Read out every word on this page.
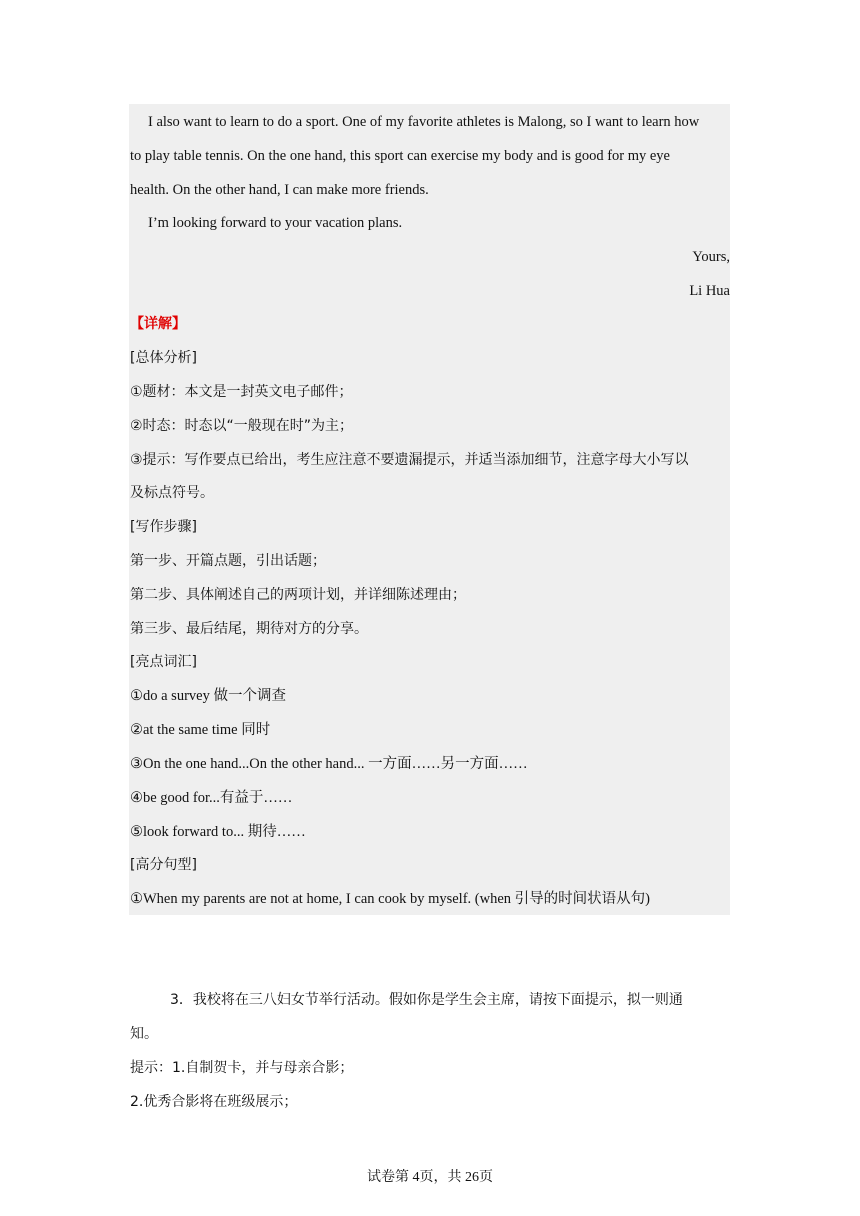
I also want to learn to do a sport. One of my favorite athletes is Malong, so I want to learn how
to play table tennis. On the one hand, this sport can exercise my body and is good for my eye
health. On the other hand, I can make more friends.
I’m looking forward to your vacation plans.
Yours,
Li Hua
【详解】
[总体分析]
①题材：本文是一封英文电子邮件；
②时态：时态以“一般现在时”为主；
③提示：写作要点已给出，考生应注意不要遗漏提示，并适当添加细节，注意字母大小写以
及标点符号。
[写作步骤]
第一步、开篇点题，引出话题；
第二步、具体阐述自己的两项计划，并详细陈述理由；
第三步、最后结尾，期待对方的分享。
[亮点词汇]
①do a survey 做一个调查
②at the same time 同时
③On the one hand...On the other hand... 一方面……另一方面……
④be good for...有益于……
⑤look forward to... 期待……
[高分句型]
①When my parents are not at home, I can cook by myself. (when 引导的时间状语从句)
3．我校将在三八妇女节举行活动。假如你是学生会主席，请按下面提示，拟一则通
知。
提示：1.自制贺卡，并与母亲合影；
2.优秀合影将在班级展示；
试卷第 4页，共 26页
